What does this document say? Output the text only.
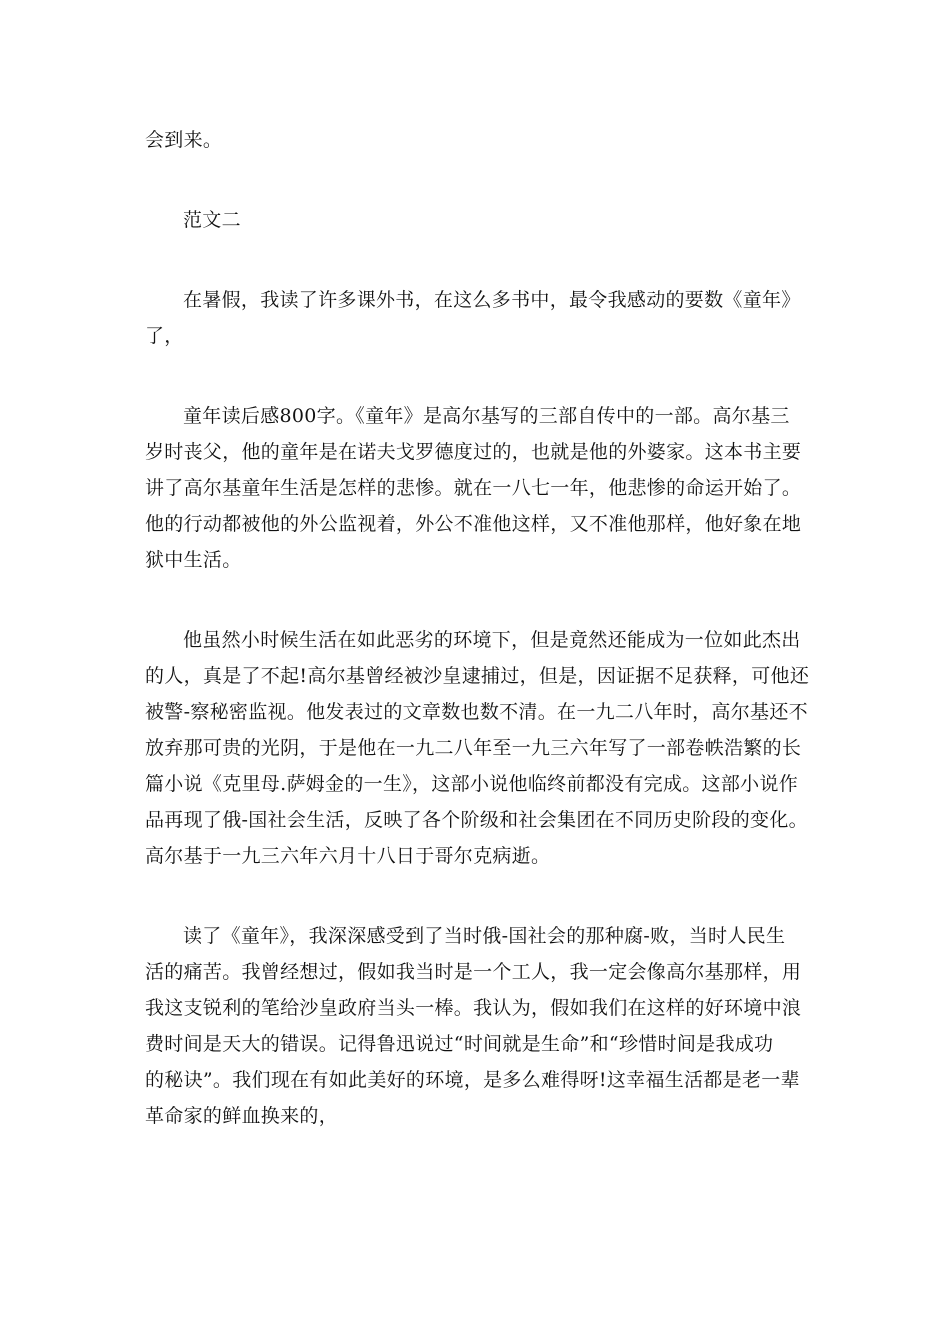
会到来。
范文二
在暑假，我读了许多课外书，在这么多书中，最令我感动的要数《童年》
了，
童年读后感800字。《童年》是高尔基写的三部自传中的一部。高尔基三
岁时丧父，他的童年是在诺夫戈罗德度过的，也就是他的外婆家。这本书主要
讲了高尔基童年生活是怎样的悲惨。就在一八七一年，他悲惨的命运开始了。
他的行动都被他的外公监视着，外公不准他这样，又不准他那样，他好象在地
狱中生活。
他虽然小时候生活在如此恶劣的环境下，但是竟然还能成为一位如此杰出
的人，真是了不起!高尔基曾经被沙皇逮捕过，但是，因证据不足获释，可他还
被警-察秘密监视。他发表过的文章数也数不清。在一九二八年时，高尔基还不
放弃那可贵的光阴，于是他在一九二八年至一九三六年写了一部卷帙浩繁的长
篇小说《克里母.萨姆金的一生》，这部小说他临终前都没有完成。这部小说作
品再现了俄-国社会生活，反映了各个阶级和社会集团在不同历史阶段的变化。
高尔基于一九三六年六月十八日于哥尔克病逝。
读了《童年》，我深深感受到了当时俄-国社会的那种腐-败，当时人民生
活的痛苦。我曾经想过，假如我当时是一个工人，我一定会像高尔基那样，用
我这支锐利的笔给沙皇政府当头一棒。我认为，假如我们在这样的好环境中浪
费时间是天大的错误。记得鲁迅说过“时间就是生命”和“珍惜时间是我成功
的秘诀”。我们现在有如此美好的环境，是多么难得呀!这幸福生活都是老一辈
革命家的鲜血换来的，
